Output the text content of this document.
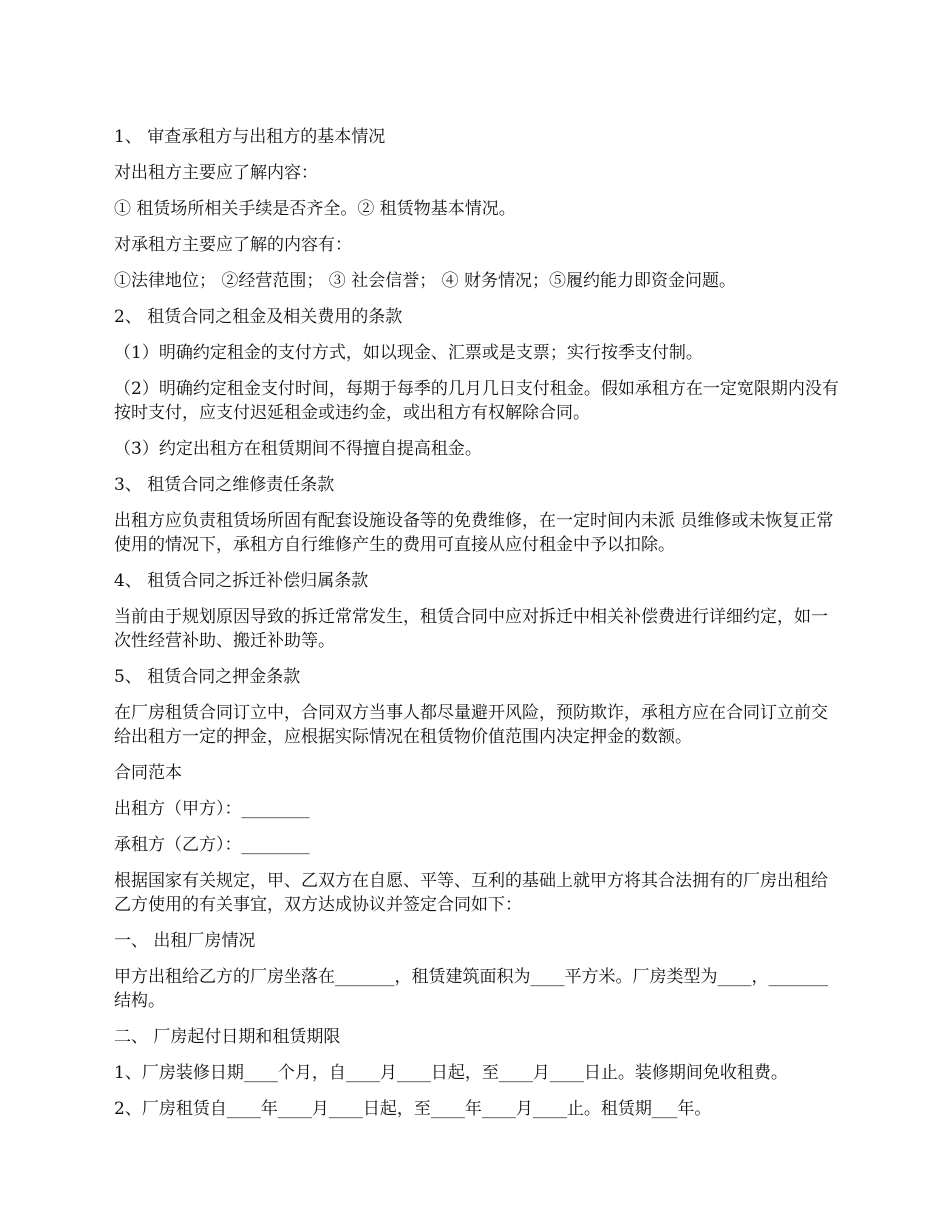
1、 审查承租方与出租方的基本情况

对出租方主要应了解内容：

① 租赁场所相关手续是否齐全。② 租赁物基本情况。

对承租方主要应了解的内容有：

①法律地位； ②经营范围； ③ 社会信誉； ④ 财务情况；⑤履约能力即资金问题。

2、 租赁合同之租金及相关费用的条款

（1）明确约定租金的支付方式，如以现金、汇票或是支票；实行按季支付制。

（2）明确约定租金支付时间，每期于每季的几月几日支付租金。假如承租方在一定宽限期内没有按时支付，应支付迟延租金或违约金，或出租方有权解除合同。

（3）约定出租方在租赁期间不得擅自提高租金。

3、 租赁合同之维修责任条款

出租方应负责租赁场所固有配套设施设备等的免费维修，在一定时间内未派 员维修或未恢复正常使用的情况下，承租方自行维修产生的费用可直接从应付租金中予以扣除。

4、 租赁合同之拆迁补偿归属条款

当前由于规划原因导致的拆迁常常发生，租赁合同中应对拆迁中相关补偿费进行详细约定，如一次性经营补助、搬迁补助等。

5、 租赁合同之押金条款

在厂房租赁合同订立中，合同双方当事人都尽量避开风险，预防欺诈，承租方应在合同订立前交给出租方一定的押金，应根据实际情况在租赁物价值范围内决定押金的数额。

合同范本

出租方（甲方）：________

承租方（乙方）：________

根据国家有关规定，甲、乙双方在自愿、平等、互利的基础上就甲方将其合法拥有的厂房出租给乙方使用的有关事宜，双方达成协议并签定合同如下：

一、 出租厂房情况

甲方出租给乙方的厂房坐落在_______，租赁建筑面积为____平方米。厂房类型为____，_______结构。

二、 厂房起付日期和租赁期限

1、厂房装修日期____个月，自____月____日起，至____月____日止。装修期间免收租费。

2、厂房租赁自____年____月____日起，至____年____月____止。租赁期___年。
